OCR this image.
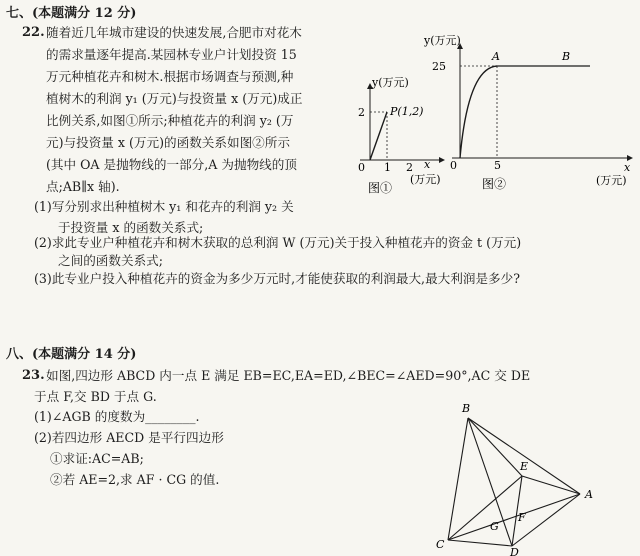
七、(本题满分 12 分)
22. 随着近几年城市建设的快速发展,合肥市对花木
的需求量逐年提高.某园林专业户计划投资 15
万元种植花卉和树木.根据市场调查与预测,种
植树木的利润 y₁ (万元)与投资量 x (万元)成正
比例关系,如图①所示;种植花卉的利润 y₂ (万
元)与投资量 x (万元)的函数关系如图②所示
(其中 OA 是抛物线的一部分,A 为抛物线的顶
点;AB∥x 轴).
(1)写分别求出种植树木 y₁ 和花卉的利润 y₂ 关
于投资量 x 的函数关系式;
(2)求此专业户种植花卉和树木获取的总利润 W (万元)关于投入种植花卉的资金 t (万元)
之间的函数关系式;
(3)此专业户投入种植花卉的资金为多少万元时,才能使获取的利润最大,最大利润是多少?
y(万元)
P(1,2)
2
0 1 2 x
(万元)
图①
y(万元)
25
A	B
0	5	x
(万元)
图②
八、(本题满分 14 分)
23. 如图,四边形 ABCD 内一点 E 满足 EB=EC,EA=ED,∠BEC=∠AED=90°,AC 交 DE
于点 F,交 BD 于点 G.
(1)∠AGB 的度数为________.
(2)若四边形 AECD 是平行四边形
①求证:AC=AB;
②若 AE=2,求 AF · CG 的值.
B
A
C
D
E
F
G
